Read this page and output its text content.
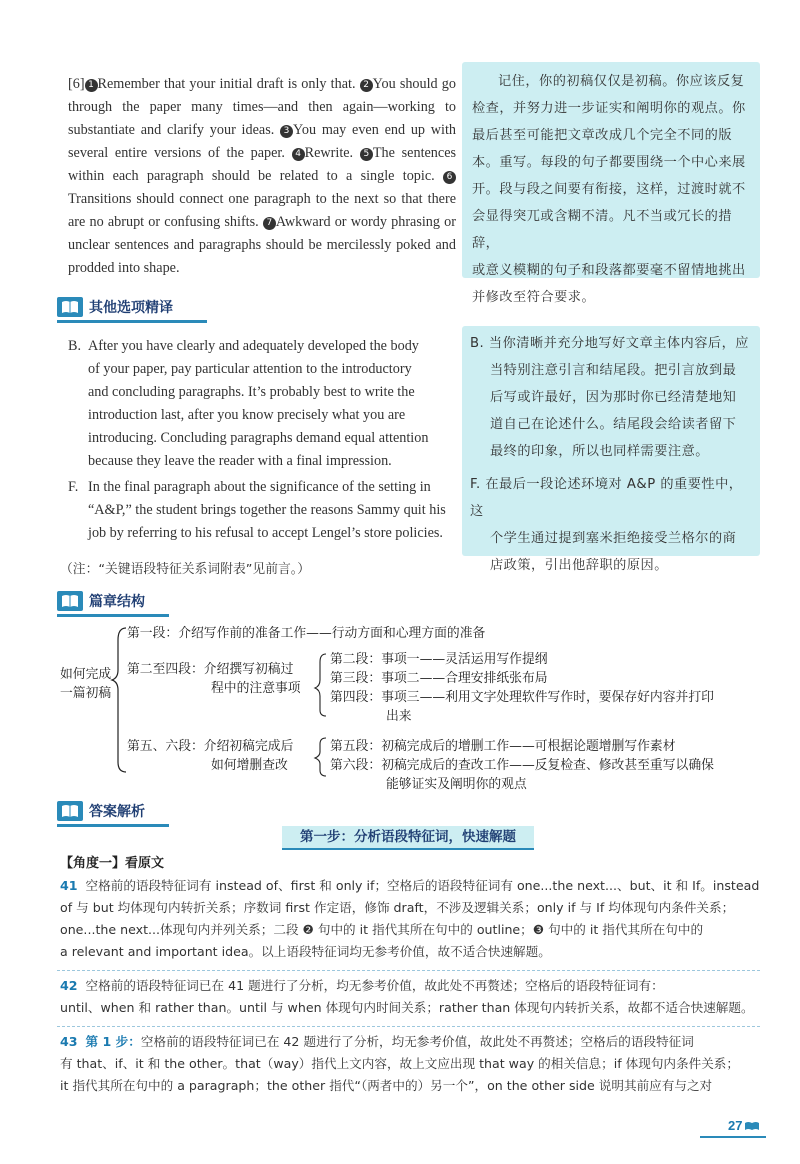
[6] 1 Remember that your initial draft is only that. 2 You should go through the paper many times—and then again—working to substantiate and clarify your ideas. 3 You may even end up with several entire versions of the paper. 4 Rewrite. 5 The sentences within each paragraph should be related to a single topic. 6Transitions should connect one paragraph to the next so that there are no abrupt or confusing shifts. 7 Awkward or wordy phrasing or unclear sentences and paragraphs should be mercilessly poked and prodded into shape.

记住，你的初稿仅仅是初稿。你应该反复

检查，并努力进一步证实和阐明你的观点。你

最后甚至可能把文章改成几个完全不同的版

本。重写。每段的句子都要围绕一个中心来展

开。段与段之间要有衔接，这样，过渡时就不

会显得突兀或含糊不清。凡不当或冗长的措辞，

或意义模糊的句子和段落都要毫不留情地挑出

并修改至符合要求。

其他选项精译
B. After you have clearly and adequately developed the body
of your paper, pay particular attention to the introductory
and concluding paragraphs. It’s probably best to write the
introduction last, after you know precisely what you are
introducing. Concluding paragraphs demand equal attention
because they leave the reader with a final impression.
F. In the final paragraph about the significance of the setting in
“A&P,” the student brings together the reasons Sammy quit his
job by referring to his refusal to accept Lengel’s store policies.

B. 当你清晰并充分地写好文章主体内容后，应

当特别注意引言和结尾段。把引言放到最

后写或许最好，因为那时你已经清楚地知

道自己在论述什么。结尾段会给读者留下

最终的印象，所以也同样需要注意。

F. 在最后一段论述环境对 A&P 的重要性中，这

个学生通过提到塞米拒绝接受兰格尔的商

店政策，引出他辞职的原因。

（注：“关键语段特征关系词附表”见前言。）
篇章结构
如何完成
一篇初稿
第一段：介绍写作前的准备工作——行动方面和心理方面的准备
第二至四段：介绍撰写初稿过
程中的注意事项
第二段：事项一——灵活运用写作提纲
第三段：事项二——合理安排纸张布局
第四段：事项三——利用文字处理软件写作时，要保存好内容并打印
出来
第五、六段：介绍初稿完成后
如何增删查改
第五段：初稿完成后的增删工作——可根据论题增删写作素材
第六段：初稿完成后的查改工作——反复检查、修改甚至重写以确保
能够证实及阐明你的观点
答案解析
第一步：分析语段特征词，快速解题
【角度一】看原文
41 空格前的语段特征词有 instead of、first 和 only if；空格后的语段特征词有 one...the next...、but、it 和 If。instead
of 与 but 均体现句内转折关系；序数词 first 作定语，修饰 draft，不涉及逻辑关系；only if 与 If 均体现句内条件关系；
one...the next...体现句内并列关系；二段 ❷ 句中的 it 指代其所在句中的 outline；❸ 句中的 it 指代其所在句中的
a relevant and important idea。以上语段特征词均无参考价值，故不适合快速解题。
42 空格前的语段特征词已在 41 题进行了分析，均无参考价值，故此处不再赘述；空格后的语段特征词有：
until、when 和 rather than。until 与 when 体现句内时间关系；rather than 体现句内转折关系，故都不适合快速解题。
43 第 1 步：空格前的语段特征词已在 42 题进行了分析，均无参考价值，故此处不再赘述；空格后的语段特征词
有 that、if、it 和 the other。that（way）指代上文内容，故上文应出现 that way 的相关信息；if 体现句内条件关系；
it 指代其所在句中的 a paragraph；the other 指代“（两者中的）另一个”，on the other side 说明其前应有与之对
27
